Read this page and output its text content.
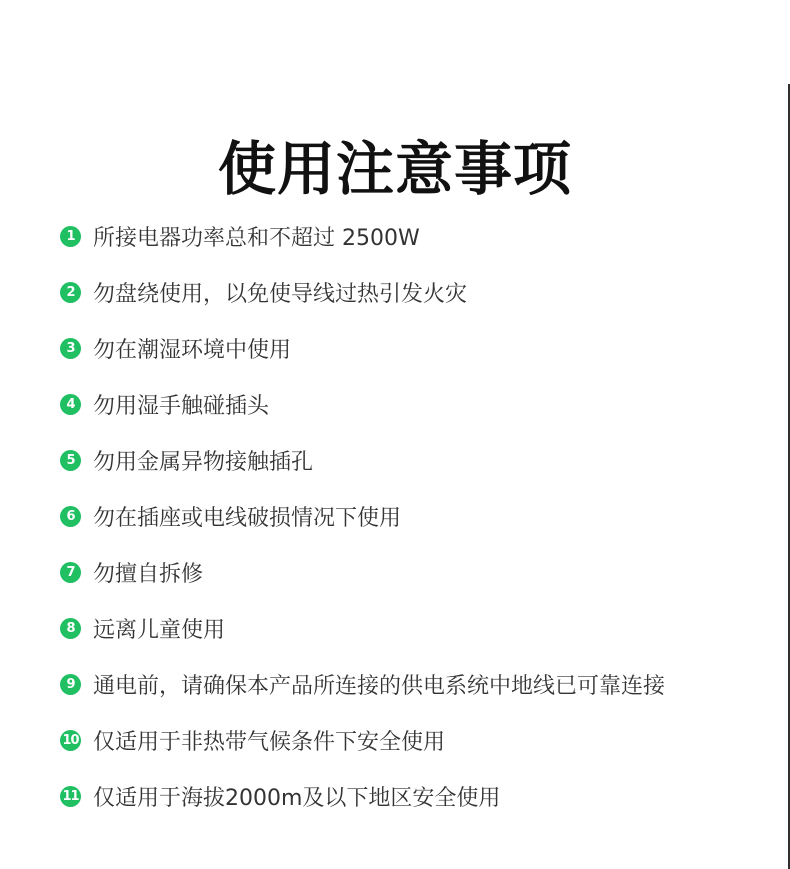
使用注意事项
1 所接电器功率总和不超过 2500W
2 勿盘绕使用，以免使导线过热引发火灾
3 勿在潮湿环境中使用
4 勿用湿手触碰插头
5 勿用金属异物接触插孔
6 勿在插座或电线破损情况下使用
7 勿擅自拆修
8 远离儿童使用
9 通电前，请确保本产品所连接的供电系统中地线已可靠连接
10 仅适用于非热带气候条件下安全使用
11 仅适用于海拔2000m及以下地区安全使用
